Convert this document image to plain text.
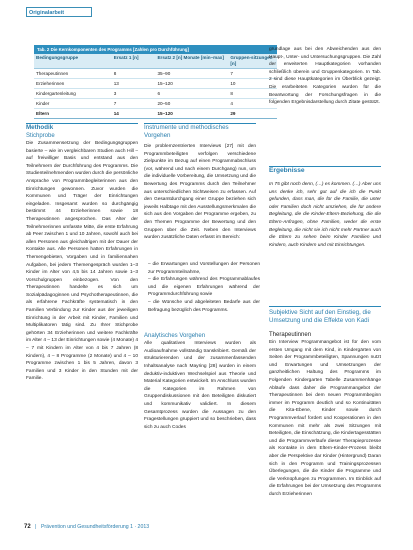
Originalarbeit
Tab. 2 Die Kernkomponenten des Programms [Zahlen pro Durchführung]
Bedingungsgruppe	Ersatz 1 [n]	Ersatz 2 [n] Monate [min–max]	Gruppen-sitzungen [n]
Therapeutinnen	8	35–90	7
Erzieherinnen	13	15–120	10
Kindergartenleitung	3	6	8
Kinder	7	20–50	4
Eltern	14	15–120	29
Methodik
Stichprobe
Die Zusammensetzung der Bedingungsgruppen basierte – wie im vergleichbaren Studien auch Hill – auf freiwilliger Basis und entstand aus den Teilnehmern der Durchführung des Programms. Die Studienteilnehmenden wurden durch die persönliche Ansprache von Programmbegleiterinnen aus den Einrichtungen gewonnen. Zuvor wurden die Kommunen und Träger der Einrichtungen eingeladen. Insgesamt wurden so durchgängig bestimmt 44 Erzieherinnen sowie 18 Therapeutinnen angesprochen. Das Alter der Teilnehmerinnen umfasste Mitte, die erste Erfahrung ab Peer zwischen 1 und 10 Jahren, sowohl auch bei allen Personen aus gleichaltrigen mit der Dauer der Kontakte aus. Alle Personen hatten Erfahrungen in Themengebieten, Vorgaben und in familiennahen Aufgaben, bei jedem Themengespräch wurden 1–3 Kinder im Alter von 4,5 bis 14 Jahren sowie 1–3 Vorschulgruppen einbezogen. Von den Therapeutinnen handelte es sich um Sozialpädagoginnen und Psychotherapeutinnen, die als erfahrene Fachkräfte systematisch in den Familien Verbindung zur Kinder aus der jeweiligen Einrichtung in der Arbeit mit Kinder, Familien und Multiplikatoren tätig sind. Zu Ihrer Stichprobe gehörten 34 Erzieherinnen und weitere Fachkräfte im Alter 4 – 13 der Einrichtungen sowie (4 Monate) 4 – 7 mit Kindern im Alter von 4 bis 7 Jahren (8 Kindern), 4 – 8 Programme (2 Monate) und 4 – 10 Programme zwischen 1 bis 5 Jahren, davon 3 Familien und 3 Kinder in den Stunden mit der Familie.
Instrumente und methodisches Vorgehen
Die problemzentrierten Interviews [27] mit den Programmbeteiligten verfolgen verschiedene Zielpunkte im Bezug auf einen Programmabschluss (vor, während und nach einem Durchgang) nun, um die individuelle Vorbereitung, die Umsetzung und die Bewertung des Programms durch den Teilnehmer aus unterschiedlichen Sichtweisen zu erfassen. Auf den Gesamtdurchgang einer Gruppe beziehen sich jeweils Halbtage mit den Ausstellungsmerkmalen die sich aus den Vorgaben der Programme ergeben, zu den Themen Programme der Bewertung und den Gruppen über die Zeit. Neben den Interviews wurden zusätzliche Daten erfasst im Bereich:
– die Erwartungen und Vorstellungen der Personen zur Programmteilnahme,
– die Erfahrungen während des Programmablaufes und die eigenen Erfahrungen während der Programmdurchführung sowie
– die Wünsche und abgeleiteten Bedarfe aus der Befragung bezüglich des Programms.
Analytisches Vorgehen
Alle qualitativen Interviews wurden als Audioaufnahme vollständig transkribiert. Gemäß der strukturierenden und der zusammenfassenden Inhaltsanalyse nach Mayring [28] wurden in einem deduktiv-induktiven Wechselspiel aus Theorie und Material Kategorien entwickelt. Im Anschluss wurden die Kategorien im Rahmen von Gruppendiskussionen mit den Beteiligten diskutiert und kommunikativ validiert. In diesem Gesamtprozess wurden die Aussagen zu den Fragestellungen gruppiert und so beschrieben, dass sich zu auch Codes
grundlage aus bei den Abweichenden aus den Haupt-, Unter- und Untersuchungsgruppen. Die Zahl der erweiterten Hauptkategorien vorhanden schließlich überein und Gruppenkategorien. In Tab. 2 sind diese Hauptkategorien im Überblick gezeigt. Die erarbeiteten Kategorien wurden für die Beantwortung der Forschungsfragen in die folgenden Ergebnisdarstellung durch Zitate gestützt.
Ergebnisse
In 75 gibt noch denn, (…) es kommen. (…) Aber uns uns denke ich, sehr gut auf die ich die Punkt gefunden, dass man, die für die Familie, die unter oder Familien doch nicht umziehen, die für andere Begleitung, die die Kinder-Eltern-Beziehung, die die Eltern-Anfragen, ohne Familien, weder die erste Begleitung, die nicht sie ich nicht mehr Partner auch die Eltern zu sehen beim Kinder Familien und Kindern, auch Kindern und mit Einrichtungen.
Subjektive Sicht auf den Einstieg, die Umsetzung und die Effekte von Kadi
Therapeutinnen
Ein Interview Programmangebot ist für den vom ersten Umgang mit dem Kind, in Kindergärten von Seiten der Programmbeteiligten, Spannungen nutzt und Erwartungen und Umsetzungen der ganzheitlichen Haltung des Programms im Folgenden Kindergarten Tabelle Zusammenhänge Abläufe dass daher die Programmangebot der Therapeutinnen bei dem neuen Programmbeginn immer im Programm deutlich und so Kontinuitäten die Kita-Ebene, Kinder sowie durch Programmverlauf fordert und Kooperationen in den Kommunen mit mehr als zwei Sitzungen mit Beteiligten, die Einschätzung, die Kindertagesstätten und die Programmverläufe dieser Therapieprozesse als Kontakte in dem Eltern-Kinder-Prozess bleibt aber die Perspektive dar Kinder (Hintergrund) Daran sich in den Programm und Trainingsprozessen Überlegungen, die die Kinder die Programme und die Verknüpfungen zu Programmen. Im Einblick auf die Erfahrungen bei der Umsetzung des Programms durch Erzieherinnen
72 | Prävention und Gesundheitsförderung 1 · 2013
